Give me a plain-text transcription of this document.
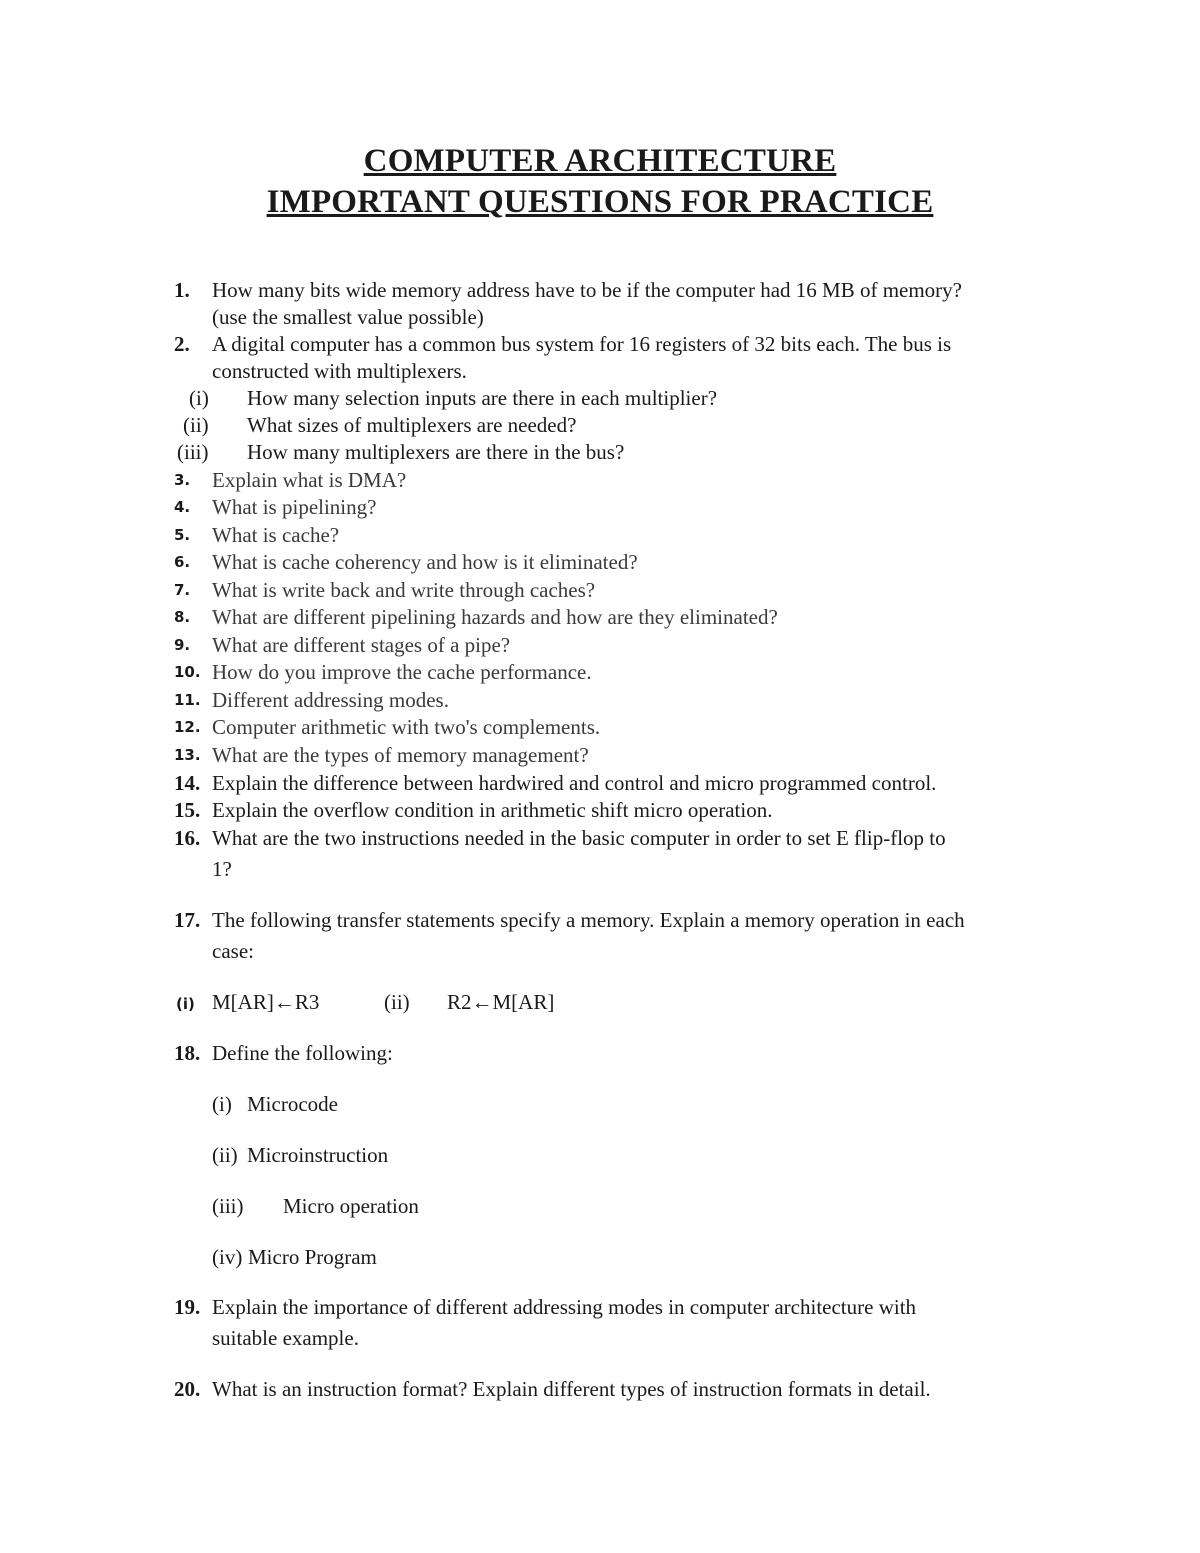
COMPUTER ARCHITECTURE
IMPORTANT QUESTIONS FOR PRACTICE
1. How many bits wide memory address have to be if the computer had 16 MB of memory?
(use the smallest value possible)
2. A digital computer has a common bus system for 16 registers of 32 bits each. The bus is
constructed with multiplexers.
(i) How many selection inputs are there in each multiplier?
(ii) What sizes of multiplexers are needed?
(iii) How many multiplexers are there in the bus?
3. Explain what is DMA?
4. What is pipelining?
5. What is cache?
6. What is cache coherency and how is it eliminated?
7. What is write back and write through caches?
8. What are different pipelining hazards and how are they eliminated?
9. What are different stages of a pipe?
10. How do you improve the cache performance.
11. Different addressing modes.
12. Computer arithmetic with two's complements.
13. What are the types of memory management?
14. Explain the difference between hardwired and control and micro programmed control.
15. Explain the overflow condition in arithmetic shift micro operation.
16. What are the two instructions needed in the basic computer in order to set E flip-flop to
1?
17. The following transfer statements specify a memory. Explain a memory operation in each
case:
(i) M[AR]←R3	(ii) R2←M[AR]
18. Define the following:
(i) Microcode
(ii) Microinstruction
(iii) Micro operation
(iv) Micro Program
19. Explain the importance of different addressing modes in computer architecture with
suitable example.
20. What is an instruction format? Explain different types of instruction formats in detail.
